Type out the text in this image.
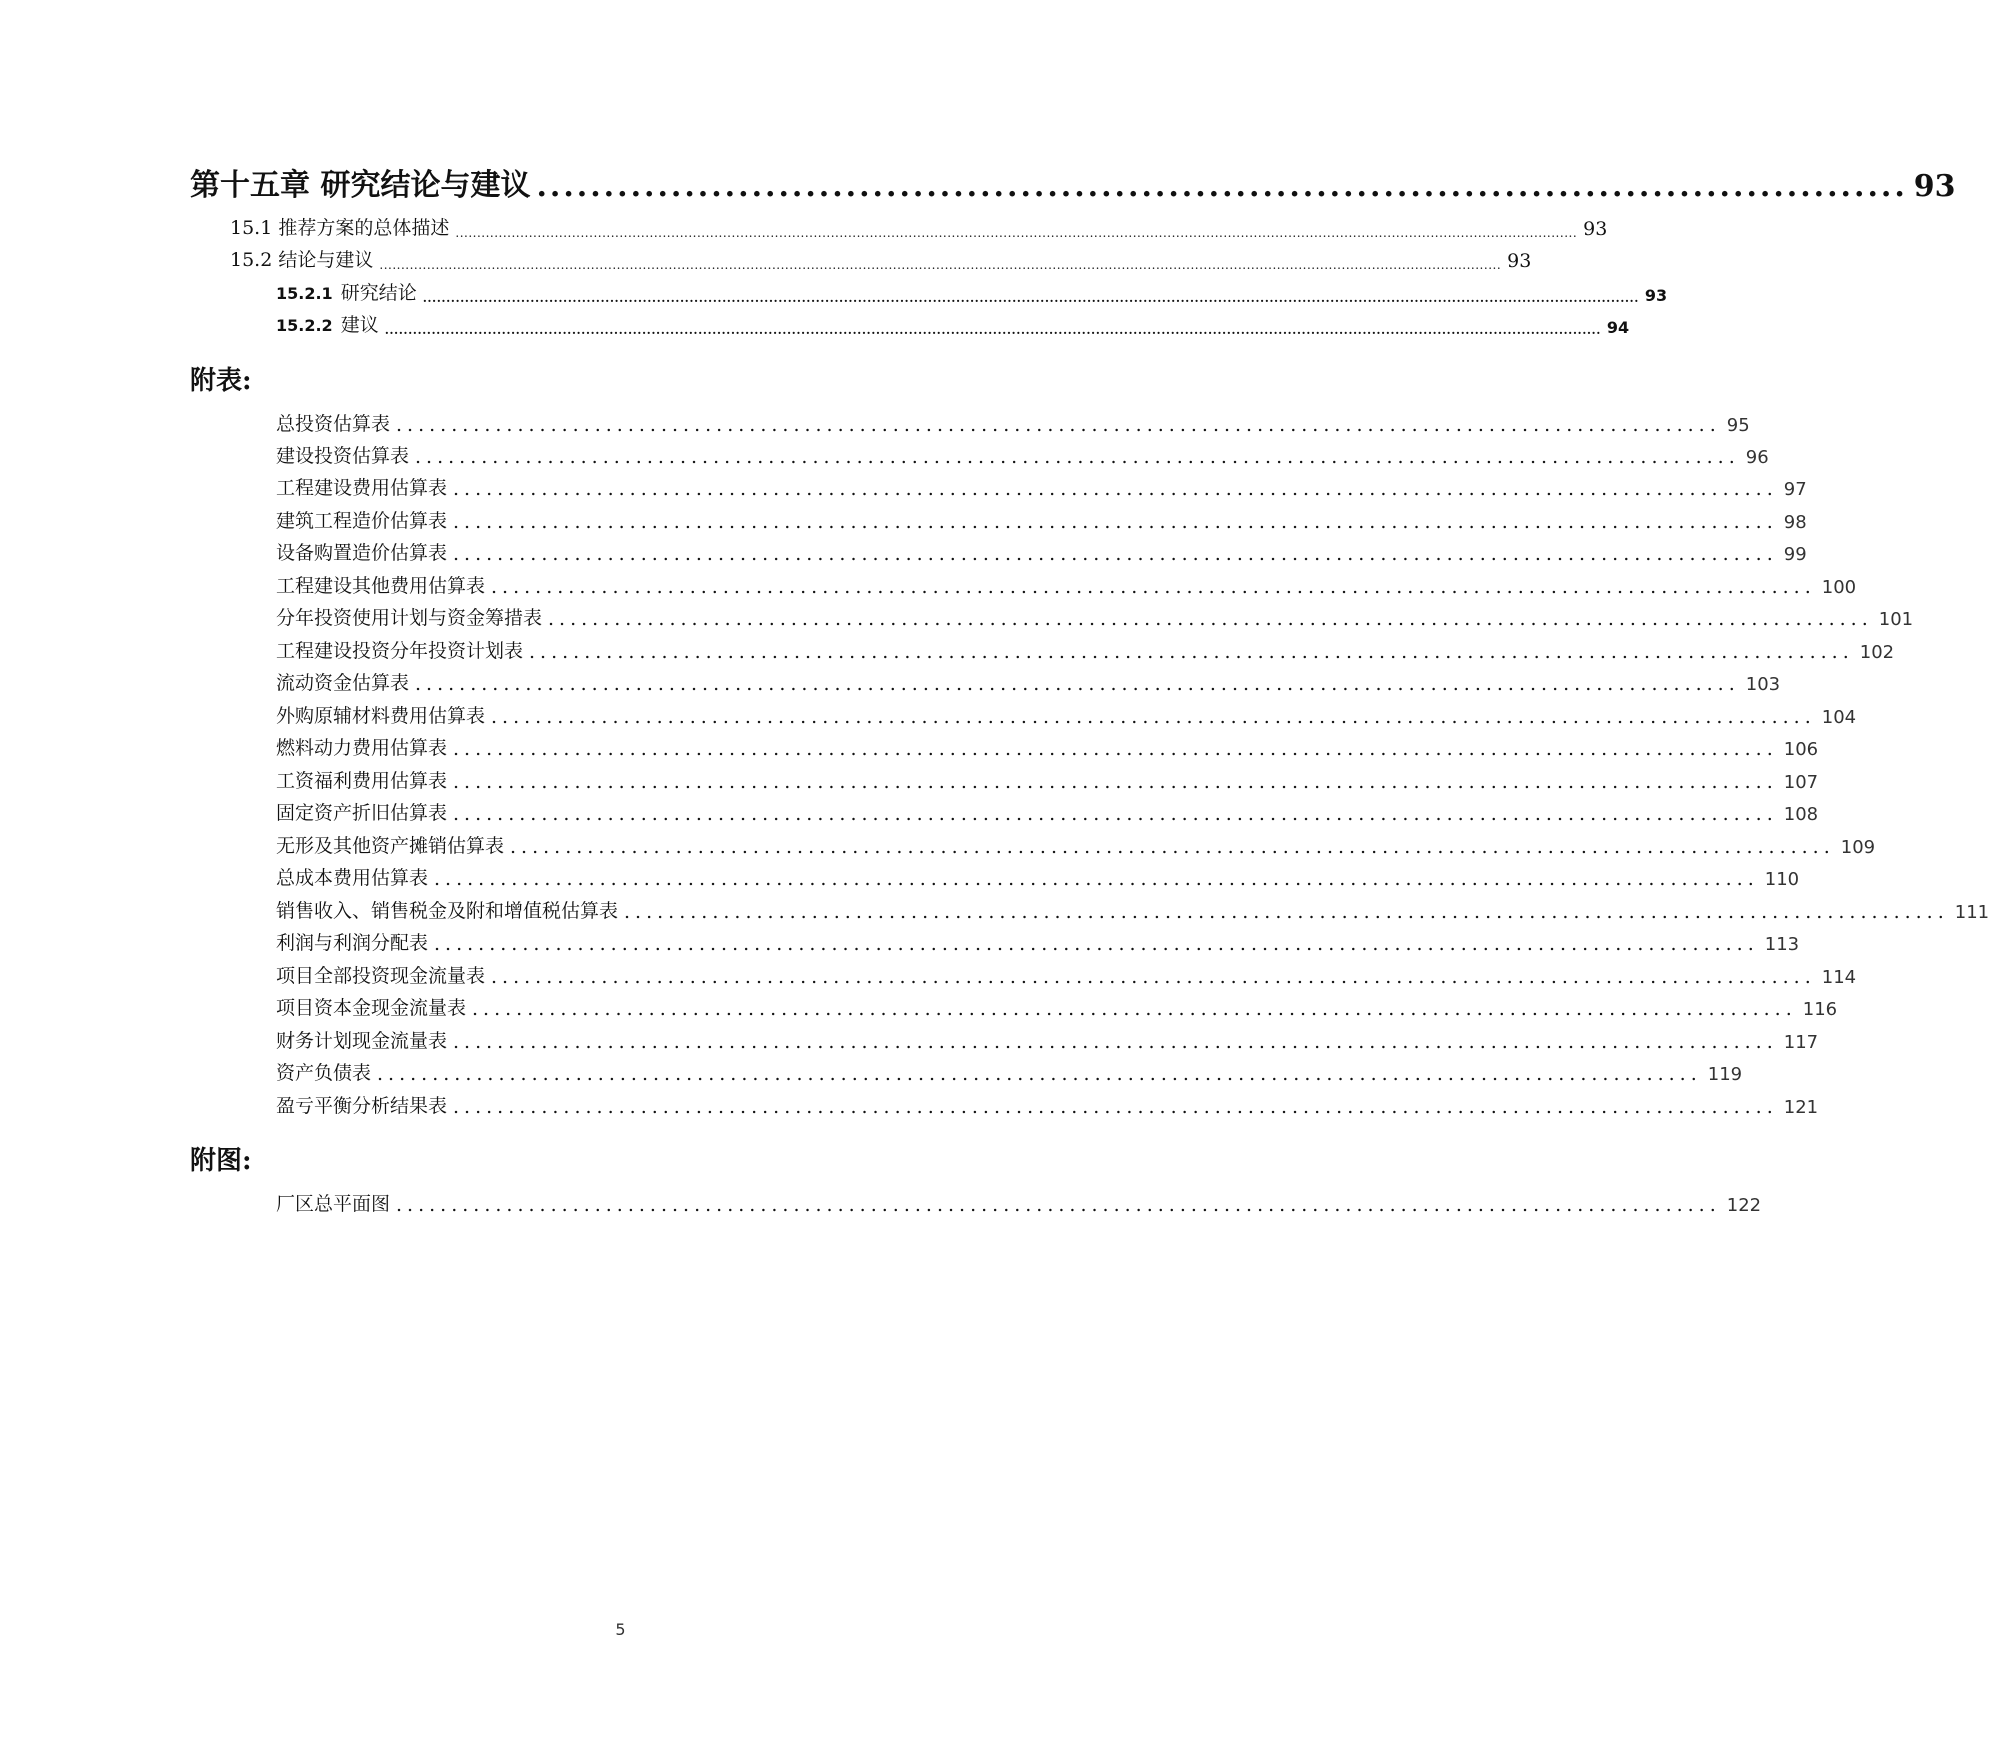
第十五章 研究结论与建议 ...................................................................................................... 93
15.1 推荐方案的总体描述 .................................................................................................................................................................................................................................................................... 93
15.2 结论与建议 .................................................................................................................................................................................................................................................................... 93
15.2.1 研究结论 .................................................................................................................................................................................................................................................................... 93
15.2.2 建议 .................................................................................................................................................................................................................................................................... 94
附表:
总投资估算表 ........................................................................................................................ 95
建设投资估算表 ........................................................................................................................ 96
工程建设费用估算表 ........................................................................................................................ 97
建筑工程造价估算表 ........................................................................................................................ 98
设备购置造价估算表 ........................................................................................................................ 99
工程建设其他费用估算表 ........................................................................................................................ 100
分年投资使用计划与资金筹措表 ........................................................................................................................ 101
工程建设投资分年投资计划表 ........................................................................................................................ 102
流动资金估算表 ........................................................................................................................ 103
外购原辅材料费用估算表 ........................................................................................................................ 104
燃料动力费用估算表 ........................................................................................................................ 106
工资福利费用估算表 ........................................................................................................................ 107
固定资产折旧估算表 ........................................................................................................................ 108
无形及其他资产摊销估算表 ........................................................................................................................ 109
总成本费用估算表 ........................................................................................................................ 110
销售收入、销售税金及附和增值税估算表 ........................................................................................................................ 111
利润与利润分配表 ........................................................................................................................ 113
项目全部投资现金流量表 ........................................................................................................................ 114
项目资本金现金流量表 ........................................................................................................................ 116
财务计划现金流量表 ........................................................................................................................ 117
资产负债表 ........................................................................................................................ 119
盈亏平衡分析结果表 ........................................................................................................................ 121
附图:
厂区总平面图 ........................................................................................................................ 122
5
